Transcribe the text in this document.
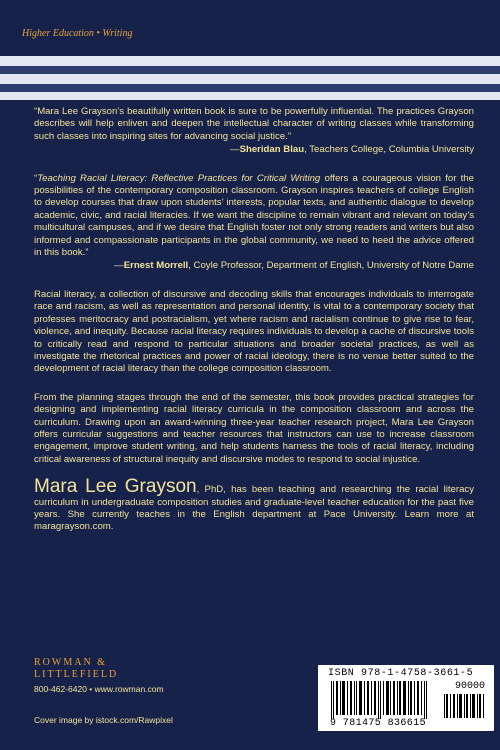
Higher Education • Writing

“Mara Lee Grayson’s beautifully written book is sure to be powerfully influential. The practices Grayson describes will help enliven and deepen the intellectual character of writing classes while transforming such classes into inspiring sites for advancing social justice.”

—Sheridan Blau, Teachers College, Columbia University

“Teaching Racial Literacy: Reflective Practices for Critical Writing offers a courageous vision for the possibilities of the contemporary composition classroom. Grayson inspires teachers of college English to develop courses that draw upon students’ interests, popular texts, and authentic dialogue to develop academic, civic, and racial literacies. If we want the discipline to remain vibrant and relevant on today’s multicultural campuses, and if we desire that English foster not only strong readers and writers but also informed and compassionate participants in the global community, we need to heed the advice offered in this book.”

—Ernest Morrell, Coyle Professor, Department of English, University of Notre Dame

Racial literacy, a collection of discursive and decoding skills that encourages individuals to interrogate race and racism, as well as representation and personal identity, is vital to a contemporary society that professes meritocracy and postracialism, yet where racism and racialism continue to give rise to fear, violence, and inequity. Because racial literacy requires individuals to develop a cache of discursive tools to critically read and respond to particular situations and broader societal practices, as well as investigate the rhetorical practices and power of racial ideology, there is no venue better suited to the development of racial literacy than the college composition classroom.

From the planning stages through the end of the semester, this book provides practical strategies for designing and implementing racial literacy curricula in the composition classroom and across the curriculum. Drawing upon an award-winning three-year teacher research project, Mara Lee Grayson offers curricular suggestions and teacher resources that instructors can use to increase classroom engagement, improve student writing, and help students harness the tools of racial literacy, including critical awareness of structural inequity and discursive modes to respond to social injustice.

Mara Lee Grayson, PhD, has been teaching and researching the racial literacy curriculum in undergraduate composition studies and graduate-level teacher education for the past five years. She currently teaches in the English department at Pace University. Learn more at maragrayson.com.

ROWMAN &
LITTLEFIELD
800-462-6420 • www.rowman.com
Cover image by istock.com/Rawpixel
ISBN 978-1-4758-3661-5
90000
9 781475 836615
